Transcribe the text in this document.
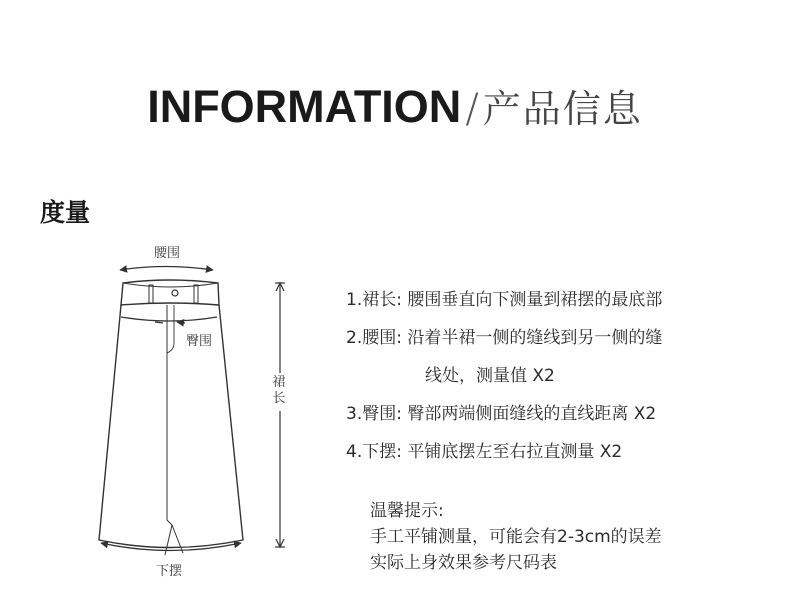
INFORMATION / 产品信息
度量
腰围
臀围
裙长
下摆
1.裙长: 腰围垂直向下测量到裙摆的最底部
2.腰围: 沿着半裙一侧的缝线到另一侧的缝
线处，测量值 X2
3.臀围: 臀部两端侧面缝线的直线距离 X2
4.下摆: 平铺底摆左至右拉直测量 X2
温馨提示:
手工平铺测量，可能会有2-3cm的误差
实际上身效果参考尺码表
